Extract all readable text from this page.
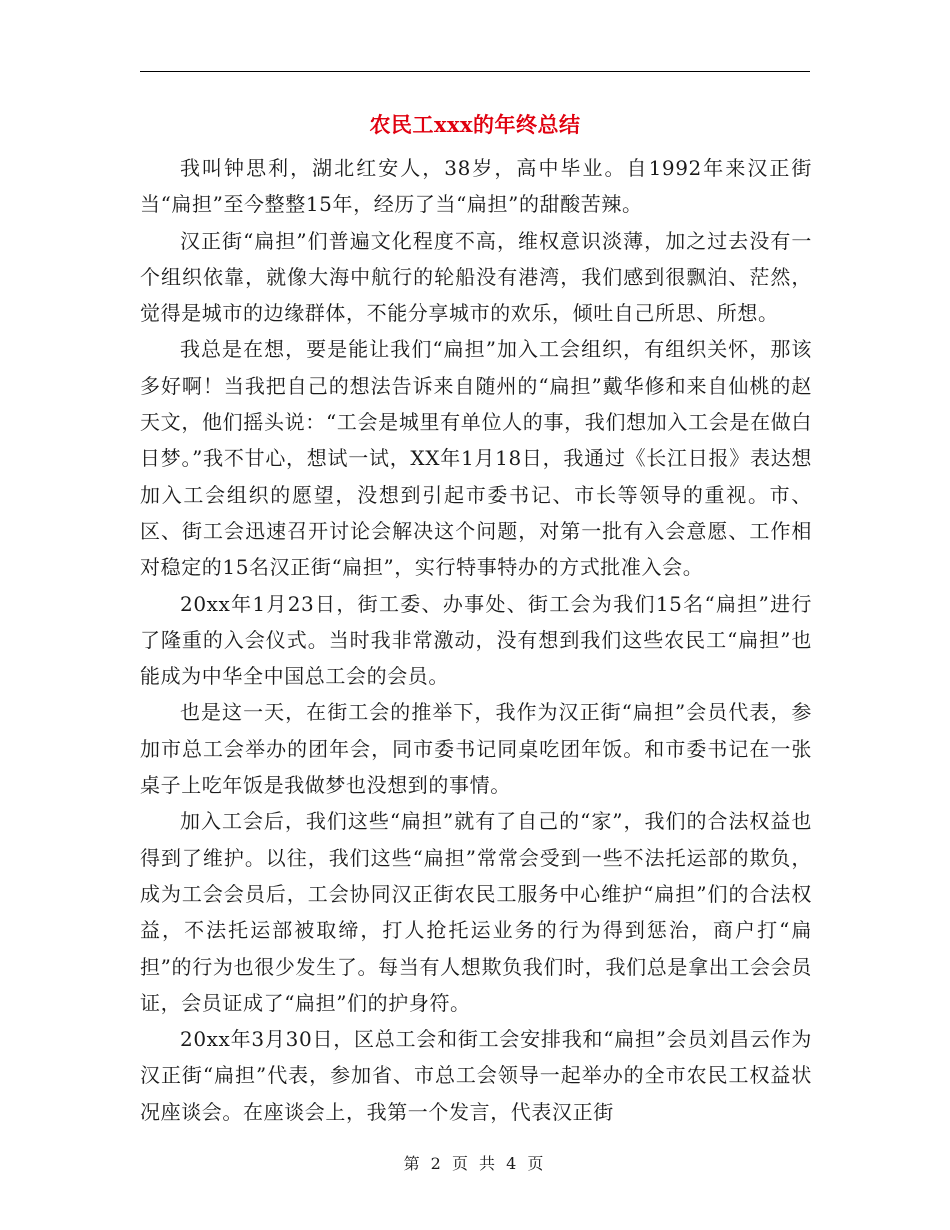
农民工xxx的年终总结

我叫钟思利，湖北红安人，38岁，高中毕业。自1992年来汉正街当“扁担”至今整整15年，经历了当“扁担”的甜酸苦辣。

汉正街“扁担”们普遍文化程度不高，维权意识淡薄，加之过去没有一个组织依靠，就像大海中航行的轮船没有港湾，我们感到很飘泊、茫然，觉得是城市的边缘群体，不能分享城市的欢乐，倾吐自己所思、所想。

我总是在想，要是能让我们“扁担”加入工会组织，有组织关怀，那该多好啊！当我把自己的想法告诉来自随州的“扁担”戴华修和来自仙桃的赵天文，他们摇头说：“工会是城里有单位人的事，我们想加入工会是在做白日梦。”我不甘心，想试一试，XX年1月18日，我通过《长江日报》表达想加入工会组织的愿望，没想到引起市委书记、市长等领导的重视。市、区、街工会迅速召开讨论会解决这个问题，对第一批有入会意愿、工作相对稳定的15名汉正街“扁担”，实行特事特办的方式批准入会。

20xx年1月23日，街工委、办事处、街工会为我们15名“扁担”进行了隆重的入会仪式。当时我非常激动，没有想到我们这些农民工“扁担”也能成为中华全中国总工会的会员。

也是这一天，在街工会的推举下，我作为汉正街“扁担”会员代表，参加市总工会举办的团年会，同市委书记同桌吃团年饭。和市委书记在一张桌子上吃年饭是我做梦也没想到的事情。

加入工会后，我们这些“扁担”就有了自己的“家”，我们的合法权益也得到了维护。以往，我们这些“扁担”常常会受到一些不法托运部的欺负，成为工会会员后，工会协同汉正街农民工服务中心维护“扁担”们的合法权益，不法托运部被取缔，打人抢托运业务的行为得到惩治，商户打“扁担”的行为也很少发生了。每当有人想欺负我们时，我们总是拿出工会会员证，会员证成了“扁担”们的护身符。

20xx年3月30日，区总工会和街工会安排我和“扁担”会员刘昌云作为汉正街“扁担”代表，参加省、市总工会领导一起举办的全市农民工权益状况座谈会。在座谈会上，我第一个发言，代表汉正街

第 2 页 共 4 页
